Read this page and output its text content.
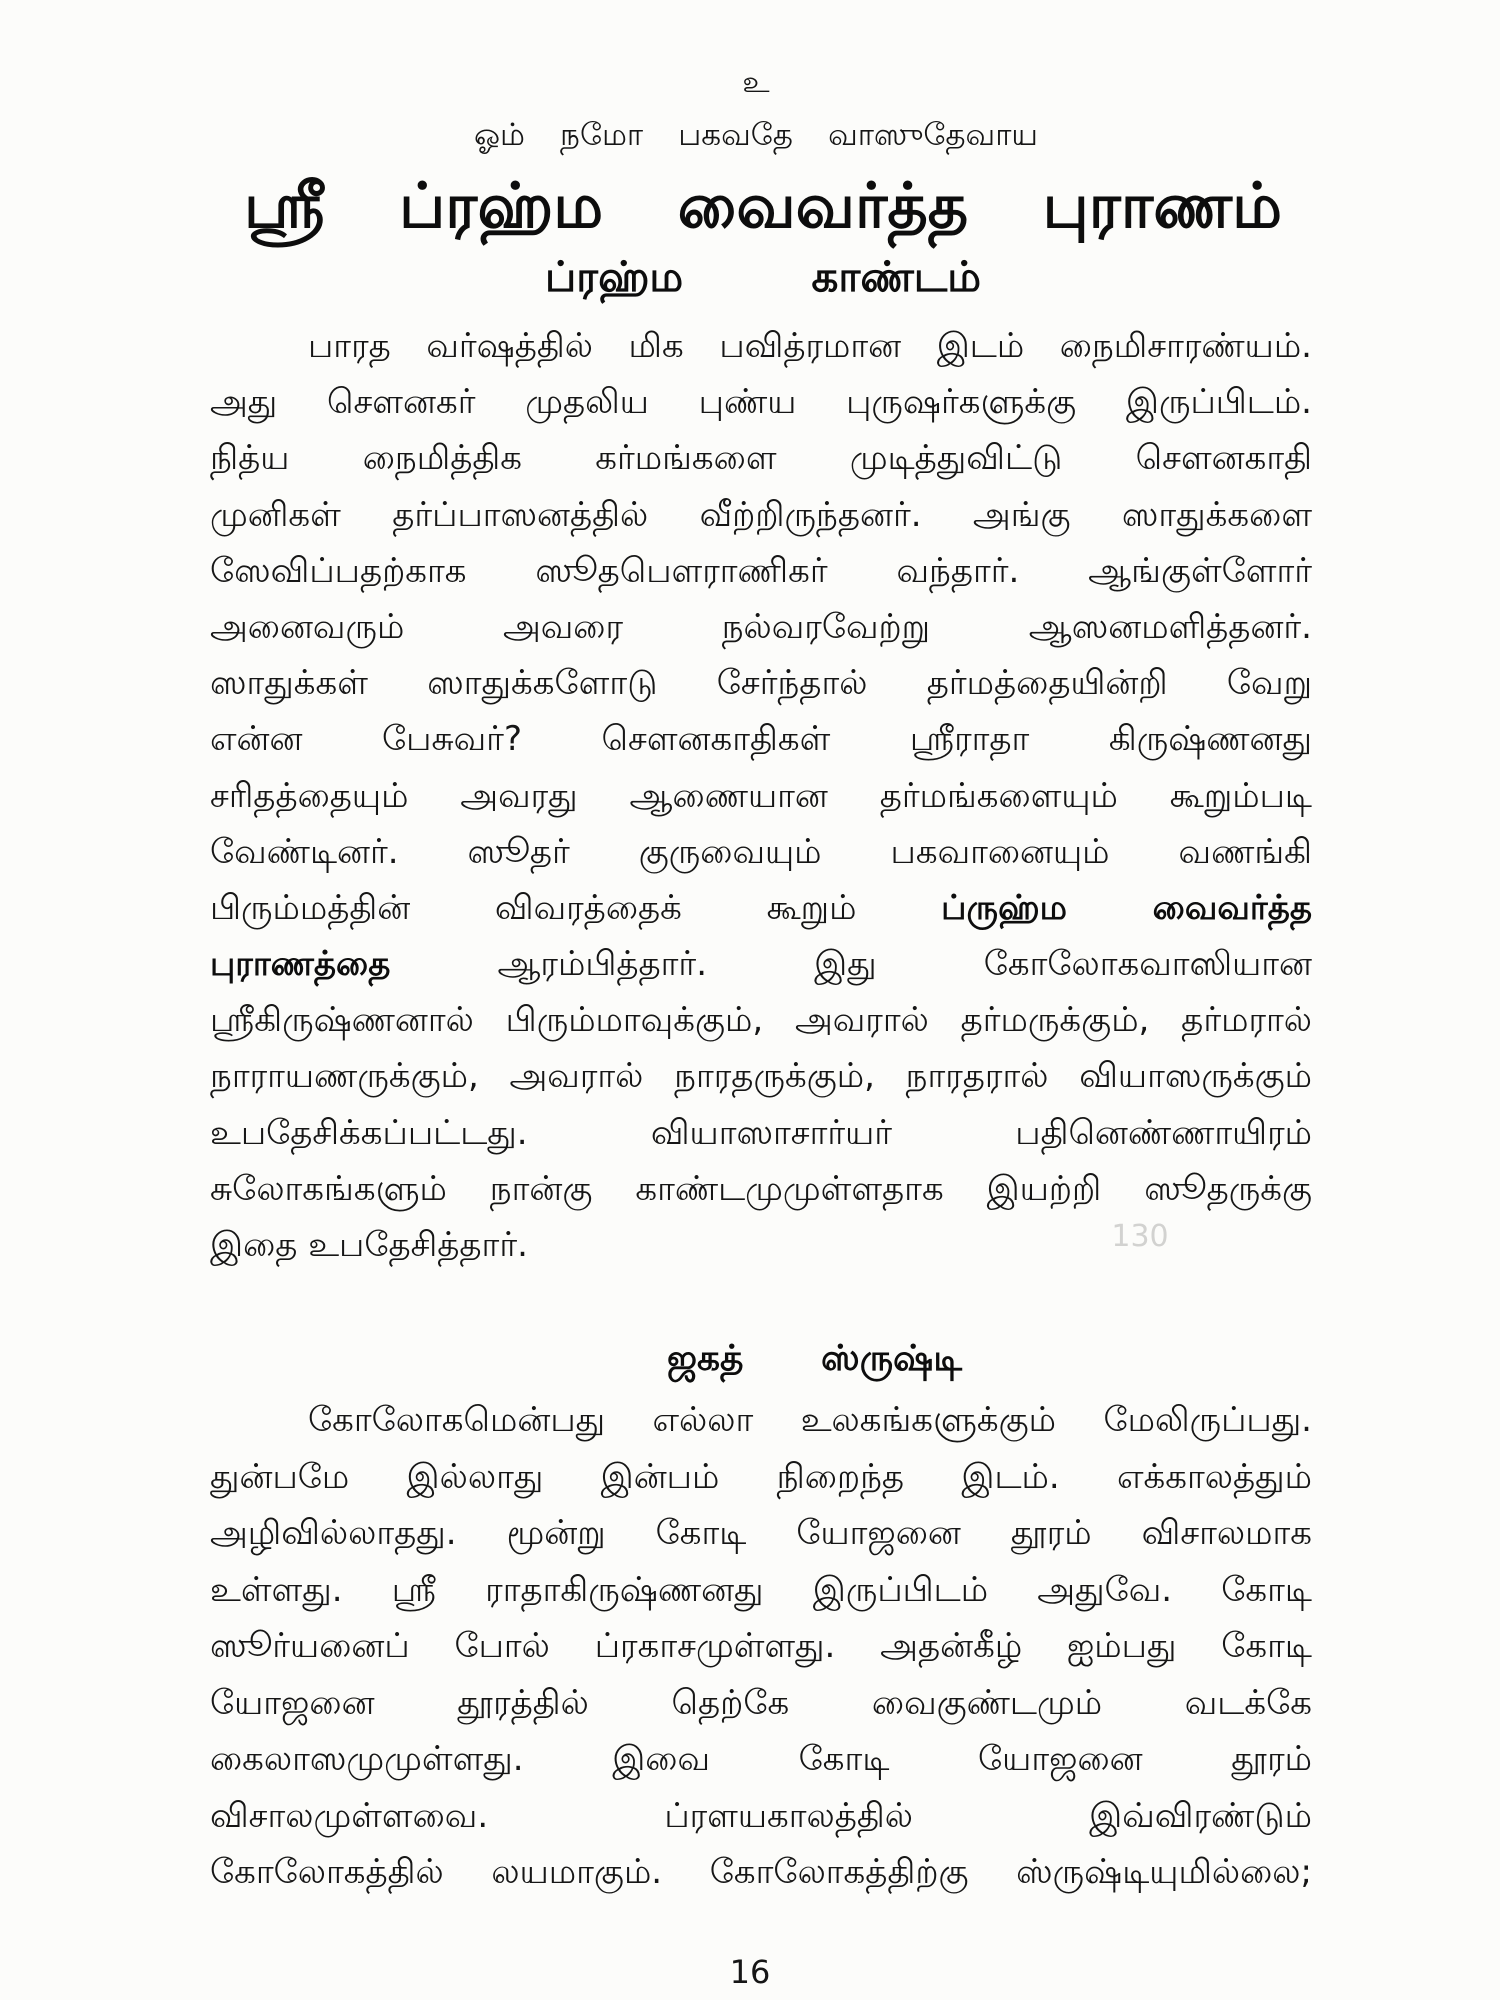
உ
ஓம் நமோ பகவதே வாஸுதேவாய
ஸ்ரீ ப்ரஹ்ம வைவர்த்த புராணம்
ப்ரஹ்ம காண்டம்
பாரத வர்ஷத்தில் மிக பவித்ரமான இடம் நைமிசாரண்யம்.
அது சௌனகர் முதலிய புண்ய புருஷர்களுக்கு இருப்பிடம்.
நித்ய நைமித்திக கர்மங்களை முடித்துவிட்டு சௌனகாதி
முனிகள் தர்ப்பாஸனத்தில் வீற்றிருந்தனர். அங்கு ஸாதுக்களை
ஸேவிப்பதற்காக ஸூதபௌராணிகர் வந்தார். ஆங்குள்ளோர்
அனைவரும் அவரை நல்வரவேற்று ஆஸனமளித்தனர்.
ஸாதுக்கள் ஸாதுக்களோடு சேர்ந்தால் தர்மத்தையின்றி வேறு
என்ன பேசுவர்? சௌனகாதிகள் ஸ்ரீராதா கிருஷ்ணனது
சரிதத்தையும் அவரது ஆணையான தர்மங்களையும் கூறும்படி
வேண்டினர். ஸூதர் குருவையும் பகவானையும் வணங்கி
பிரும்மத்தின் விவரத்தைக் கூறும் ப்ருஹ்ம வைவர்த்த
புராணத்தை	ஆரம்பித்தார். இது கோலோகவாஸியான
ஸ்ரீகிருஷ்ணனால் பிரும்மாவுக்கும், அவரால் தர்மருக்கும், தர்மரால்
நாராயணருக்கும், அவரால் நாரதருக்கும், நாரதரால் வியாஸருக்கும்
உபதேசிக்கப்பட்டது. வியாஸாசார்யர் பதினெண்ணாயிரம்
சுலோகங்களும் நான்கு காண்டமுமுள்ளதாக இயற்றி ஸூதருக்கு
இதை உபதேசித்தார்.	130
ஜகத் ஸ்ருஷ்டி
கோலோகமென்பது எல்லா உலகங்களுக்கும் மேலிருப்பது.
துன்பமே இல்லாது இன்பம் நிறைந்த இடம். எக்காலத்தும்
அழிவில்லாதது. மூன்று கோடி யோஜனை தூரம் விசாலமாக
உள்ளது. ஸ்ரீ ராதாகிருஷ்ணனது இருப்பிடம் அதுவே. கோடி
ஸூர்யனைப் போல் ப்ரகாசமுள்ளது. அதன்கீழ் ஐம்பது கோடி
யோஜனை தூரத்தில் தெற்கே வைகுண்டமும் வடக்கே
கைலாஸமுமுள்ளது. இவை கோடி யோஜனை தூரம்
விசாலமுள்ளவை. ப்ரளயகாலத்தில் இவ்விரண்டும்
கோலோகத்தில் லயமாகும். கோலோகத்திற்கு ஸ்ருஷ்டியுமில்லை;
16
